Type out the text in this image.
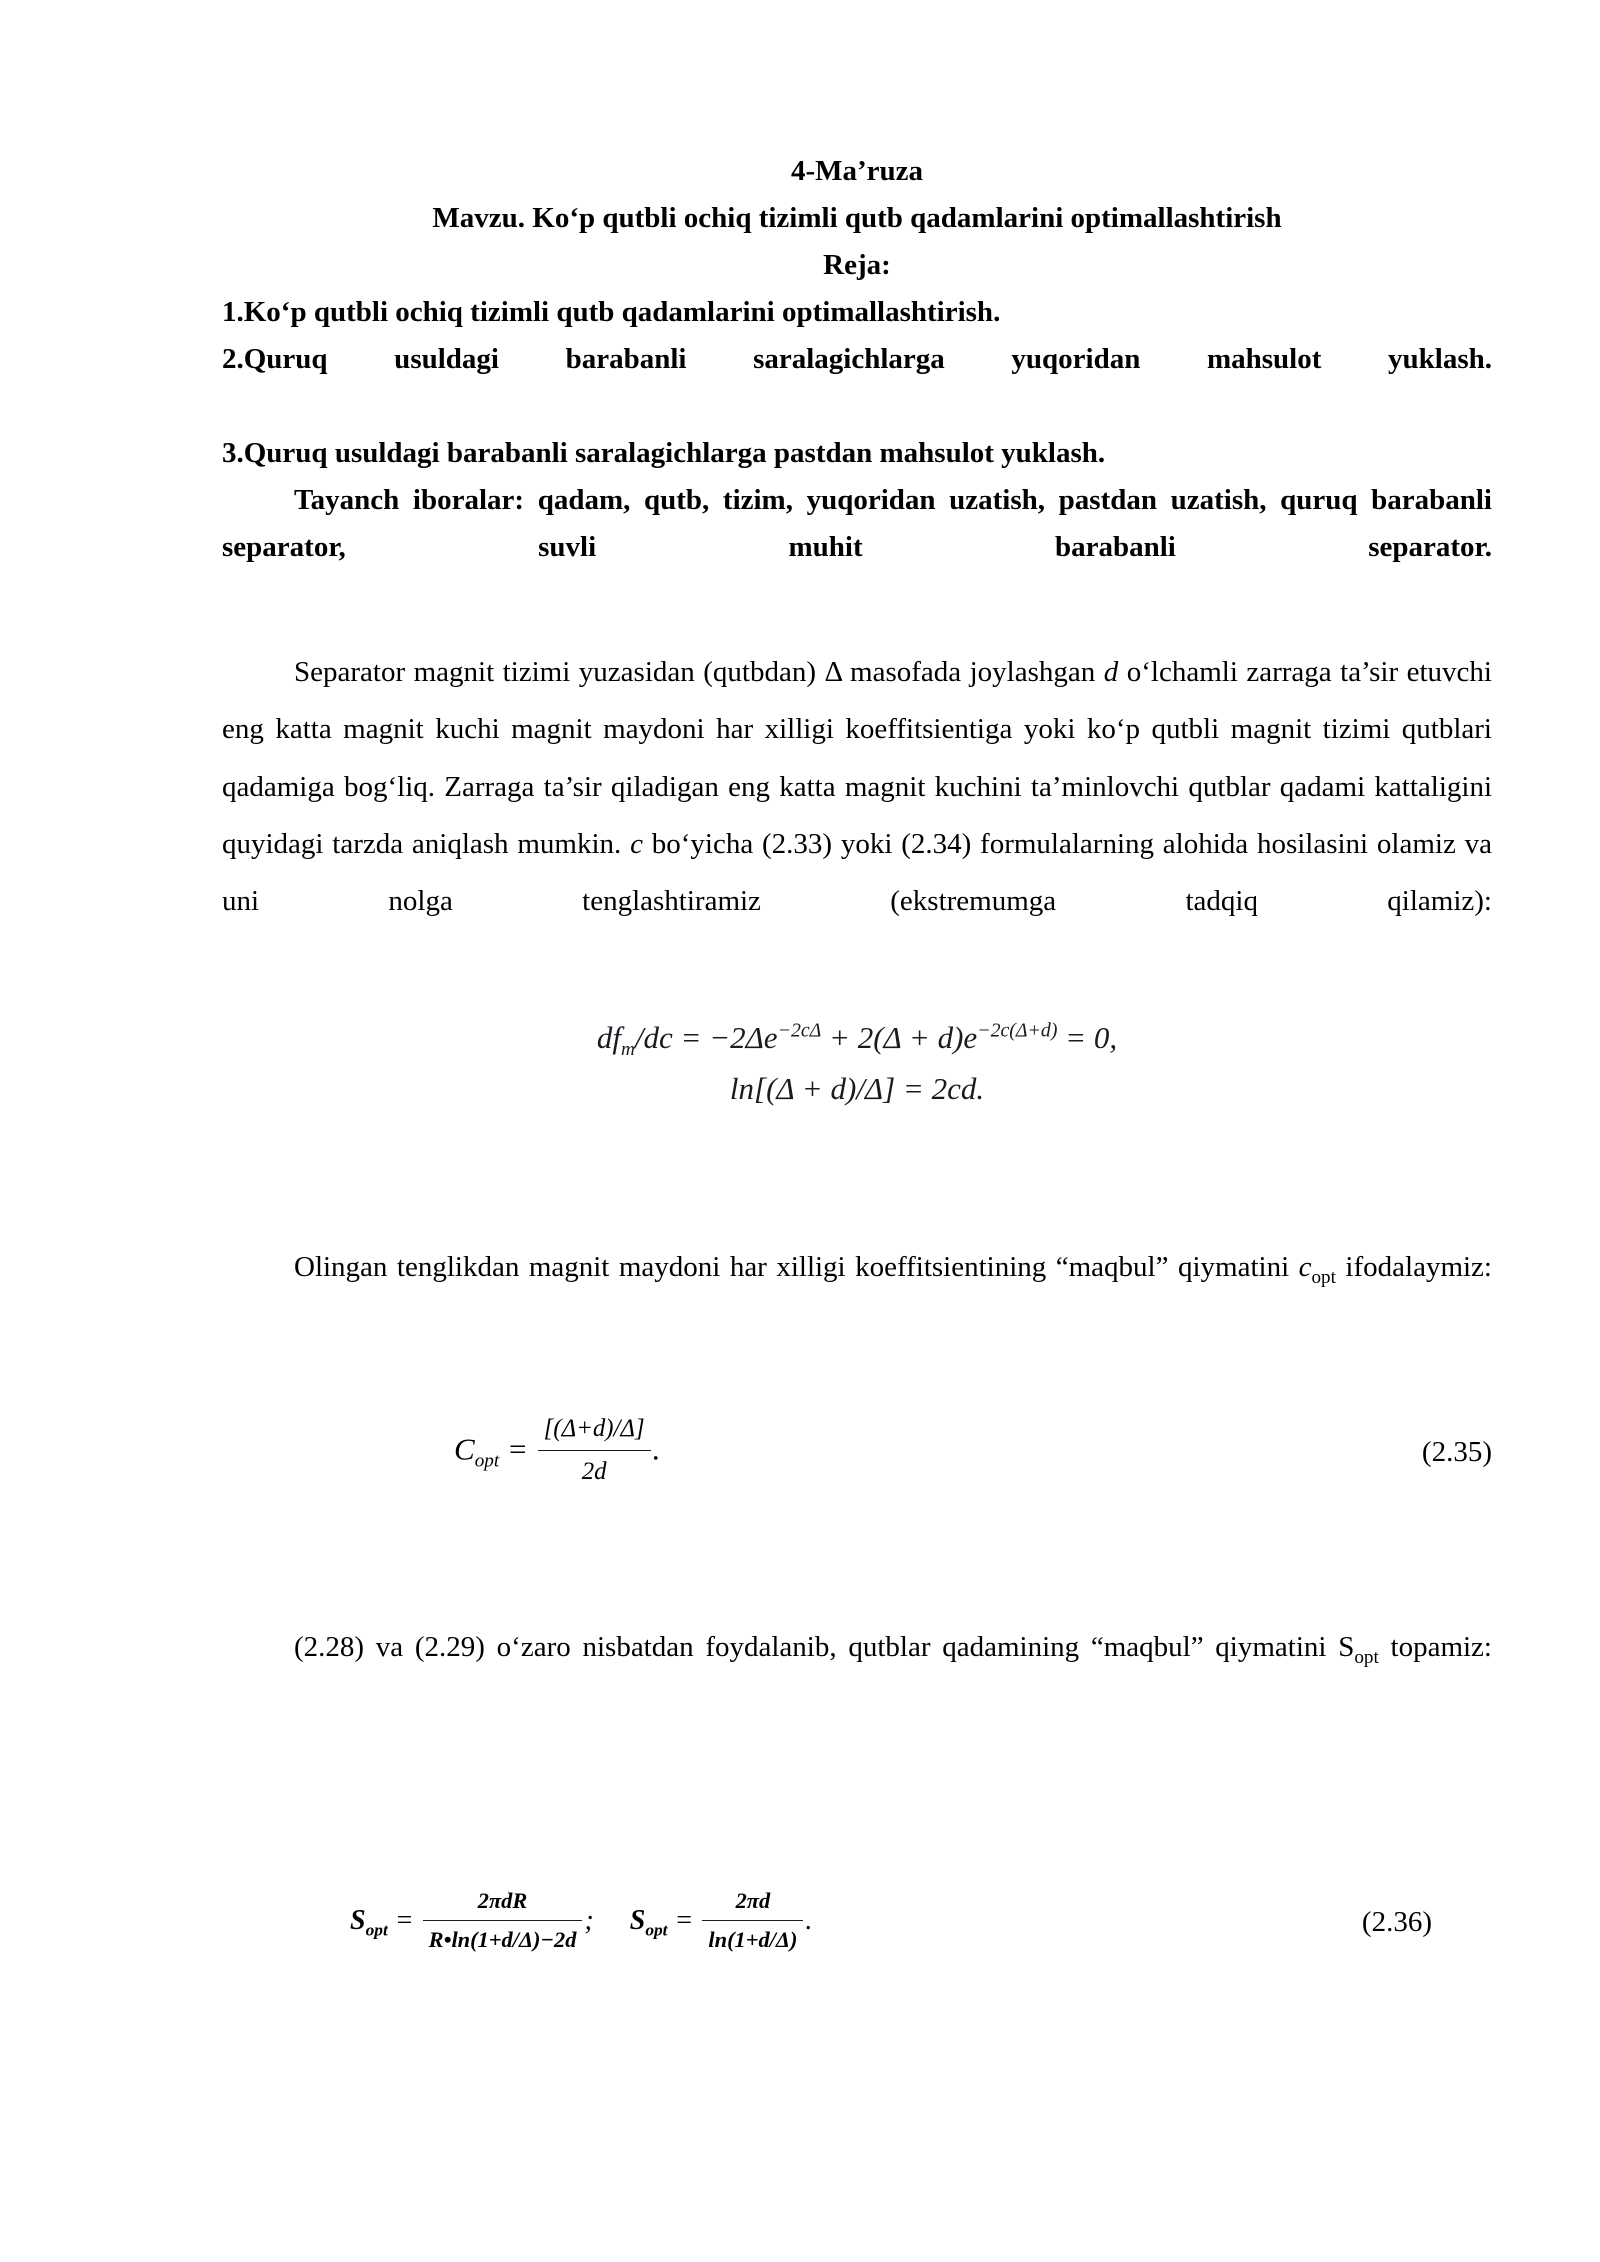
4-Ma’ruza
Mavzu. Ko‘p qutbli ochiq tizimli qutb qadamlarini optimallashtirish
Reja:
1.Ko‘p qutbli ochiq tizimli qutb qadamlarini optimallashtirish.
2.Quruq usuldagi barabanli saralagichlarga yuqoridan mahsulot yuklash.
3.Quruq usuldagi barabanli saralagichlarga pastdan mahsulot yuklash.
Tayanch iboralar: qadam, qutb, tizim, yuqoridan uzatish, pastdan uzatish, quruq barabanli separator, suvli muhit barabanli separator.

Separator magnit tizimi yuzasidan (qutbdan) Δ masofada joylashgan d o‘lchamli zarraga ta’sir etuvchi eng katta magnit kuchi magnit maydoni har xilligi koeffitsientiga yoki ko‘p qutbli magnit tizimi qutblari qadamiga bog‘liq. Zarraga ta’sir qiladigan eng katta magnit kuchini ta’minlovchi qutblar qadami kattaligini quyidagi tarzda aniqlash mumkin. c bo‘yicha (2.33) yoki (2.34) formulalarning alohida hosilasini olamiz va uni nolga tenglashtiramiz (ekstremumga tadqiq qilamiz):

$df_m/dc = -2\Delta e^{-2c\Delta} + 2(\Delta + d)e^{-2c(\Delta+d)} = 0$,
ln[(Δ + d)/Δ] = 2cd.

Olingan tenglikdan magnit maydoni har xilligi koeffitsientining “maqbul” qiymatini $c_{opt}$ ifodalaymiz:

$C_{opt} = \frac{[(\Delta+d)/\Delta]}{2d}$ .	(2.35)

(2.28) va (2.29) o‘zaro nisbatdan foydalanib, qutblar qadamining “maqbul” qiymatini $S_{opt}$ topamiz:

$S_{opt} = \frac{\text{2πdR}}{R•\ln(1+d/\Delta)-2d}$ ; $S_{opt} = \frac{2\pi d}{\ln(1+d/\Delta)}$ .	(2.36)
